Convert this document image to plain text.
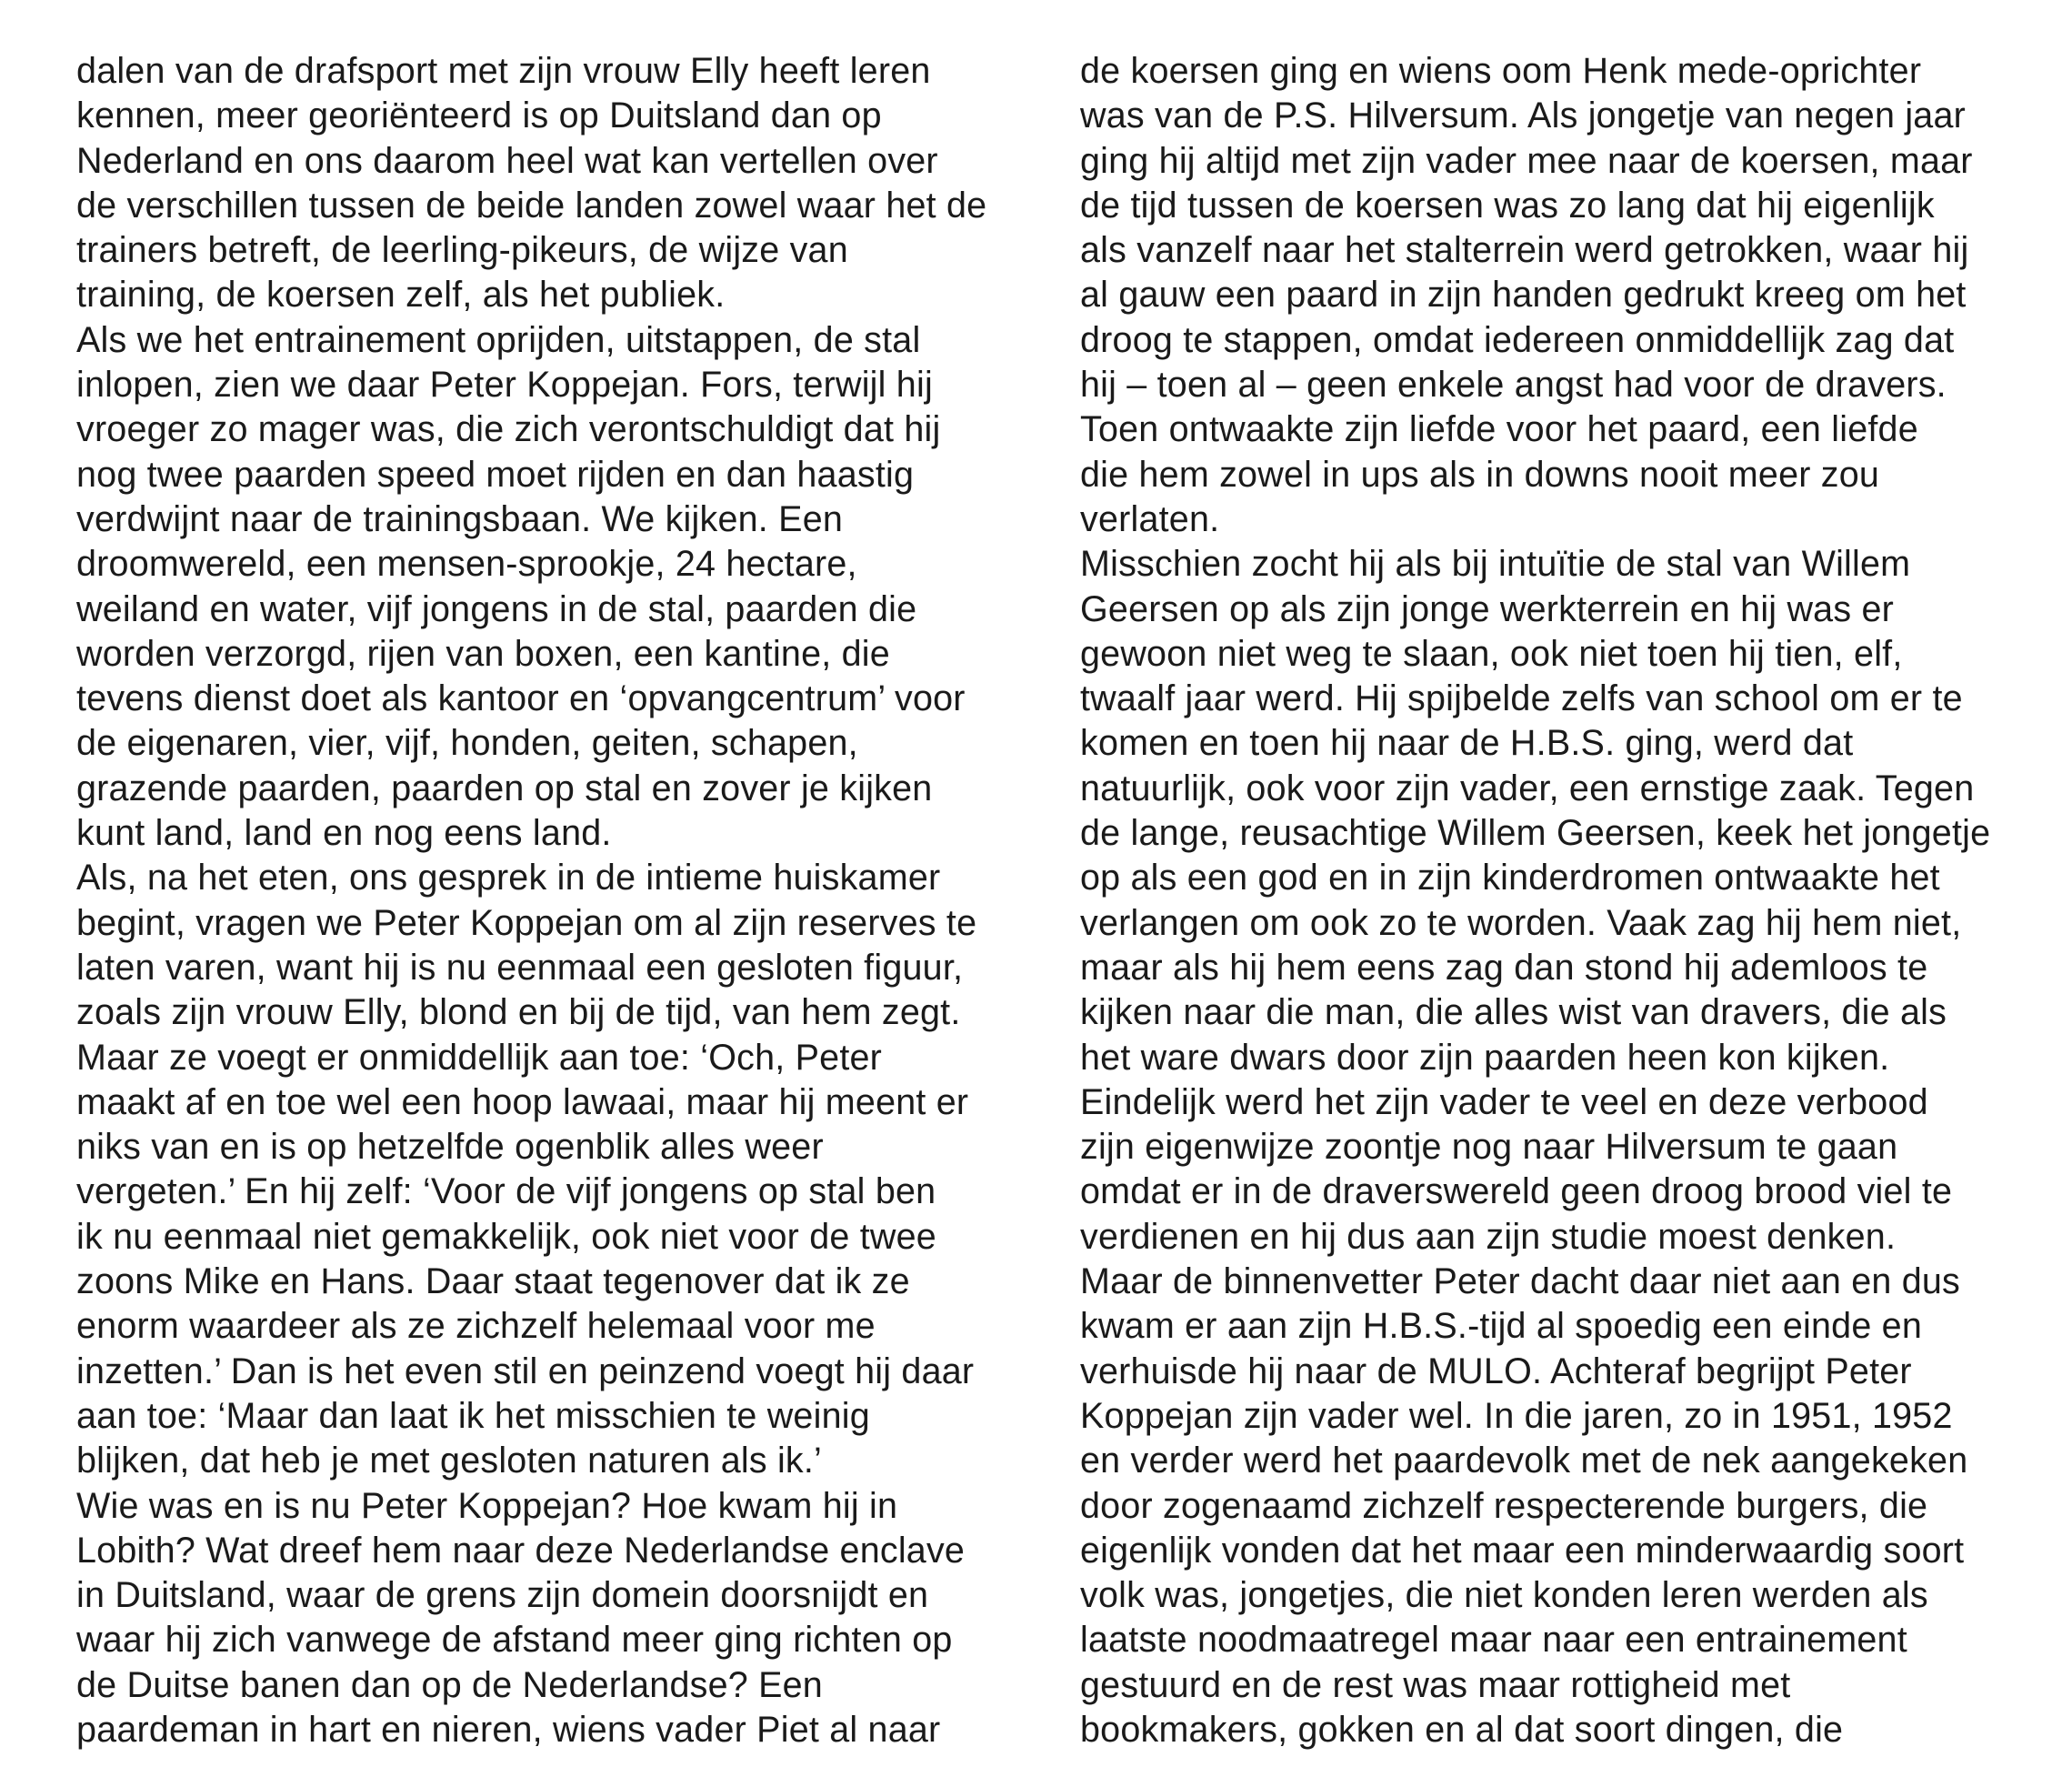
dalen van de drafsport met zijn vrouw Elly heeft leren
kennen, meer georiënteerd is op Duitsland dan op
Nederland en ons daarom heel wat kan vertellen over
de verschillen tussen de beide landen zowel waar het de
trainers betreft, de leerling-pikeurs, de wijze van
training, de koersen zelf, als het publiek.
Als we het entrainement oprijden, uitstappen, de stal
inlopen, zien we daar Peter Koppejan. Fors, terwijl hij
vroeger zo mager was, die zich verontschuldigt dat hij
nog twee paarden speed moet rijden en dan haastig
verdwijnt naar de trainingsbaan. We kijken. Een
droomwereld, een mensen-sprookje, 24 hectare,
weiland en water, vijf jongens in de stal, paarden die
worden verzorgd, rijen van boxen, een kantine, die
tevens dienst doet als kantoor en ‘opvangcentrum’ voor
de eigenaren, vier, vijf, honden, geiten, schapen,
grazende paarden, paarden op stal en zover je kijken
kunt land, land en nog eens land.
Als, na het eten, ons gesprek in de intieme huiskamer
begint, vragen we Peter Koppejan om al zijn reserves te
laten varen, want hij is nu eenmaal een gesloten figuur,
zoals zijn vrouw Elly, blond en bij de tijd, van hem zegt.
Maar ze voegt er onmiddellijk aan toe: ‘Och, Peter
maakt af en toe wel een hoop lawaai, maar hij meent er
niks van en is op hetzelfde ogenblik alles weer
vergeten.’ En hij zelf: ‘Voor de vijf jongens op stal ben
ik nu eenmaal niet gemakkelijk, ook niet voor de twee
zoons Mike en Hans. Daar staat tegenover dat ik ze
enorm waardeer als ze zichzelf helemaal voor me
inzetten.’ Dan is het even stil en peinzend voegt hij daar
aan toe: ‘Maar dan laat ik het misschien te weinig
blijken, dat heb je met gesloten naturen als ik.’
Wie was en is nu Peter Koppejan? Hoe kwam hij in
Lobith? Wat dreef hem naar deze Nederlandse enclave
in Duitsland, waar de grens zijn domein doorsnijdt en
waar hij zich vanwege de afstand meer ging richten op
de Duitse banen dan op de Nederlandse? Een
paardeman in hart en nieren, wiens vader Piet al naar
de koersen ging en wiens oom Henk mede-oprichter
was van de P.S. Hilversum. Als jongetje van negen jaar
ging hij altijd met zijn vader mee naar de koersen, maar
de tijd tussen de koersen was zo lang dat hij eigenlijk
als vanzelf naar het stalterrein werd getrokken, waar hij
al gauw een paard in zijn handen gedrukt kreeg om het
droog te stappen, omdat iedereen onmiddellijk zag dat
hij – toen al – geen enkele angst had voor de dravers.
Toen ontwaakte zijn liefde voor het paard, een liefde
die hem zowel in ups als in downs nooit meer zou
verlaten.
Misschien zocht hij als bij intuïtie de stal van Willem
Geersen op als zijn jonge werkterrein en hij was er
gewoon niet weg te slaan, ook niet toen hij tien, elf,
twaalf jaar werd. Hij spijbelde zelfs van school om er te
komen en toen hij naar de H.B.S. ging, werd dat
natuurlijk, ook voor zijn vader, een ernstige zaak. Tegen
de lange, reusachtige Willem Geersen, keek het jongetje
op als een god en in zijn kinderdromen ontwaakte het
verlangen om ook zo te worden. Vaak zag hij hem niet,
maar als hij hem eens zag dan stond hij ademloos te
kijken naar die man, die alles wist van dravers, die als
het ware dwars door zijn paarden heen kon kijken.
Eindelijk werd het zijn vader te veel en deze verbood
zijn eigenwijze zoontje nog naar Hilversum te gaan
omdat er in de draverswereld geen droog brood viel te
verdienen en hij dus aan zijn studie moest denken.
Maar de binnenvetter Peter dacht daar niet aan en dus
kwam er aan zijn H.B.S.-tijd al spoedig een einde en
verhuisde hij naar de MULO. Achteraf begrijpt Peter
Koppejan zijn vader wel. In die jaren, zo in 1951, 1952
en verder werd het paardevolk met de nek aangekeken
door zogenaamd zichzelf respecterende burgers, die
eigenlijk vonden dat het maar een minderwaardig soort
volk was, jongetjes, die niet konden leren werden als
laatste noodmaatregel maar naar een entrainement
gestuurd en de rest was maar rottigheid met
bookmakers, gokken en al dat soort dingen, die
